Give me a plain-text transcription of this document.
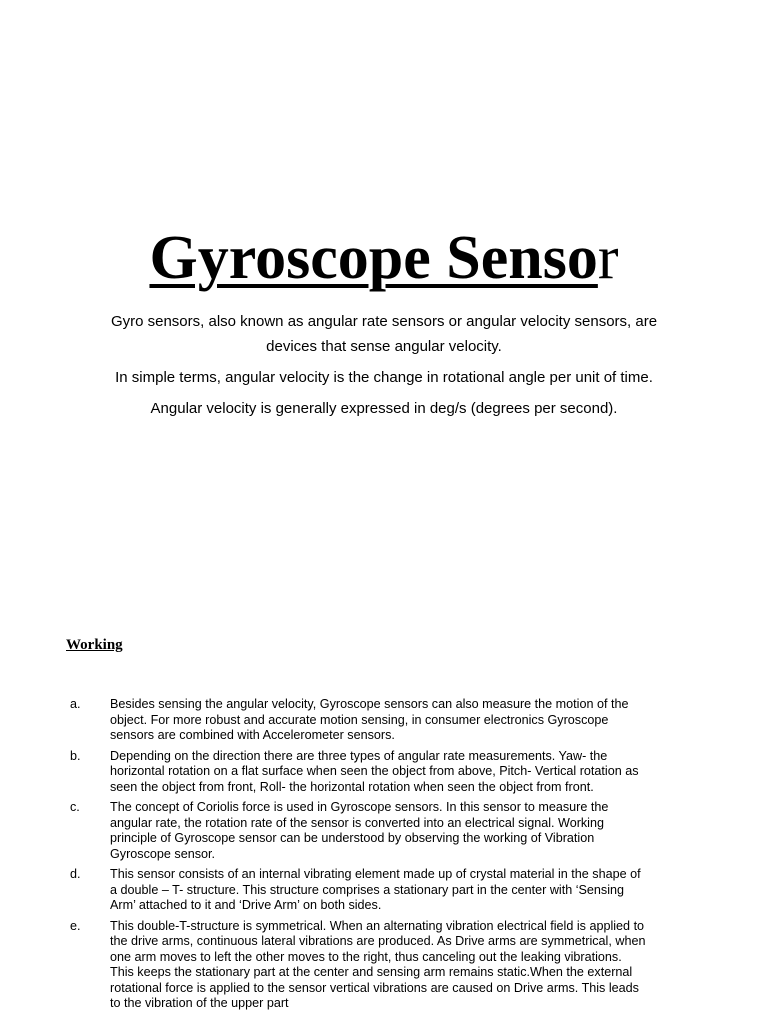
Gyroscope Sensor

Gyro sensors, also known as angular rate sensors or angular velocity sensors, are devices that sense angular velocity.

In simple terms, angular velocity is the change in rotational angle per unit of time.

Angular velocity is generally expressed in deg/s (degrees per second).

Working
a. Besides sensing the angular velocity, Gyroscope sensors can also measure the motion of the object. For more robust and accurate motion sensing, in consumer electronics Gyroscope sensors are combined with Accelerometer sensors.
b. Depending on the direction there are three types of angular rate measurements. Yaw- the horizontal rotation on a flat surface when seen the object from above, Pitch- Vertical rotation as seen the object from front, Roll- the horizontal rotation when seen the object from front.
c. The concept of Coriolis force is used in Gyroscope sensors. In this sensor to measure the angular rate, the rotation rate of the sensor is converted into an electrical signal. Working principle of Gyroscope sensor can be understood by observing the working of Vibration Gyroscope sensor.
d. This sensor consists of an internal vibrating element made up of crystal material in the shape of a double – T- structure. This structure comprises a stationary part in the center with ‘Sensing Arm’ attached to it and ‘Drive Arm’ on both sides.
e. This double-T-structure is symmetrical. When an alternating vibration electrical field is applied to the drive arms, continuous lateral vibrations are produced. As Drive arms are symmetrical, when one arm moves to left the other moves to the right, thus canceling out the leaking vibrations. This keeps the stationary part at the center and sensing arm remains static.When the external rotational force is applied to the sensor vertical vibrations are caused on Drive arms. This leads to the vibration of the upper part
